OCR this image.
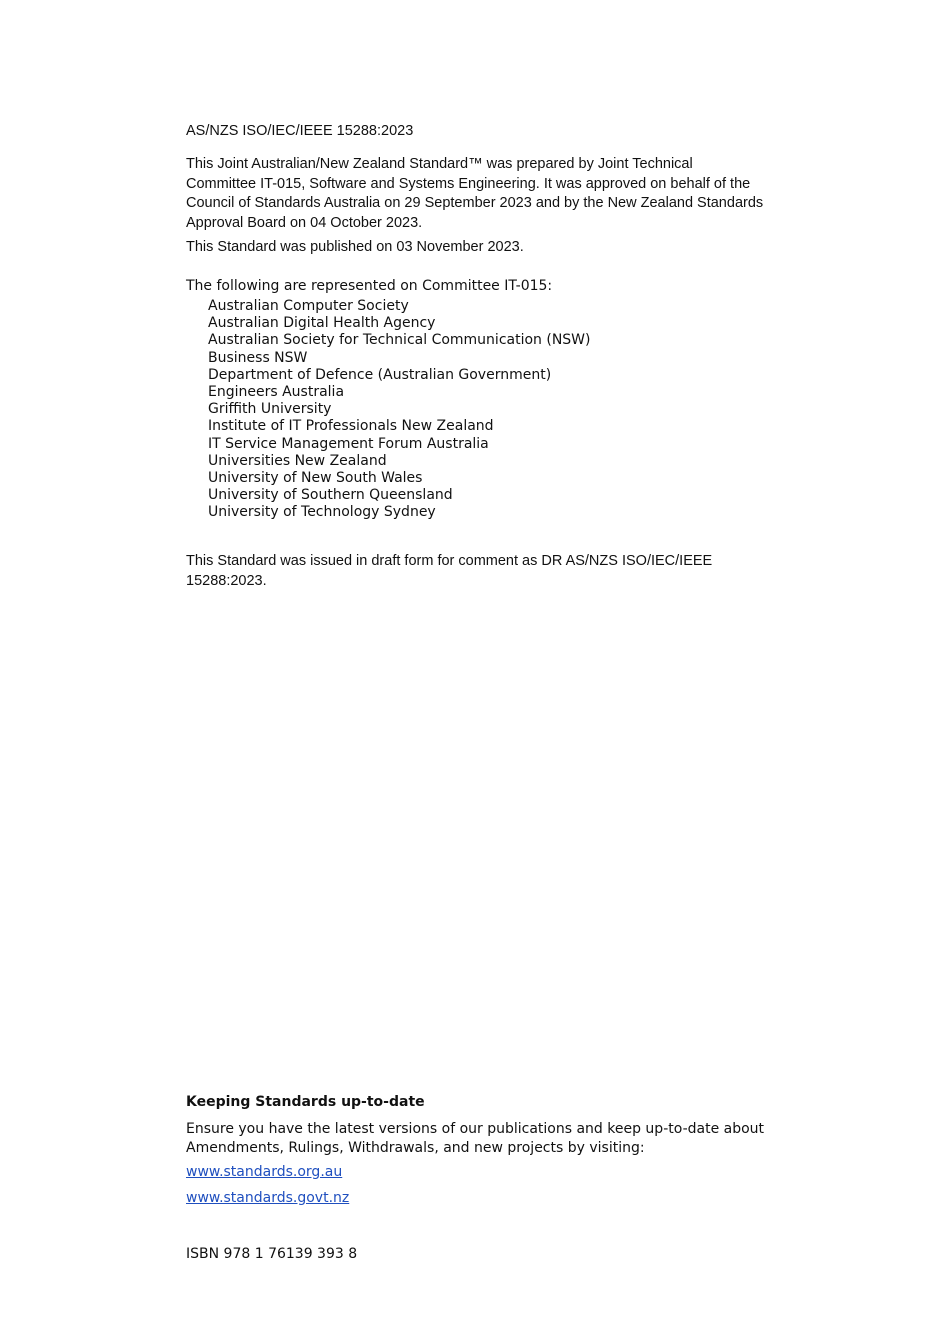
AS/NZS ISO/IEC/IEEE 15288:2023
This Joint Australian/New Zealand Standard™ was prepared by Joint Technical Committee IT-015, Software and Systems Engineering. It was approved on behalf of the Council of Standards Australia on 29 September 2023 and by the New Zealand Standards Approval Board on 04 October 2023.
This Standard was published on 03 November 2023.
The following are represented on Committee IT-015:
Australian Computer Society
Australian Digital Health Agency
Australian Society for Technical Communication (NSW)
Business NSW
Department of Defence (Australian Government)
Engineers Australia
Griffith University
Institute of IT Professionals New Zealand
IT Service Management Forum Australia
Universities New Zealand
University of New South Wales
University of Southern Queensland
University of Technology Sydney
This Standard was issued in draft form for comment as DR AS/NZS ISO/IEC/IEEE 15288:2023.
Keeping Standards up-to-date
Ensure you have the latest versions of our publications and keep up-to-date about Amendments, Rulings, Withdrawals, and new projects by visiting:
www.standards.org.au
www.standards.govt.nz
ISBN 978 1 76139 393 8
